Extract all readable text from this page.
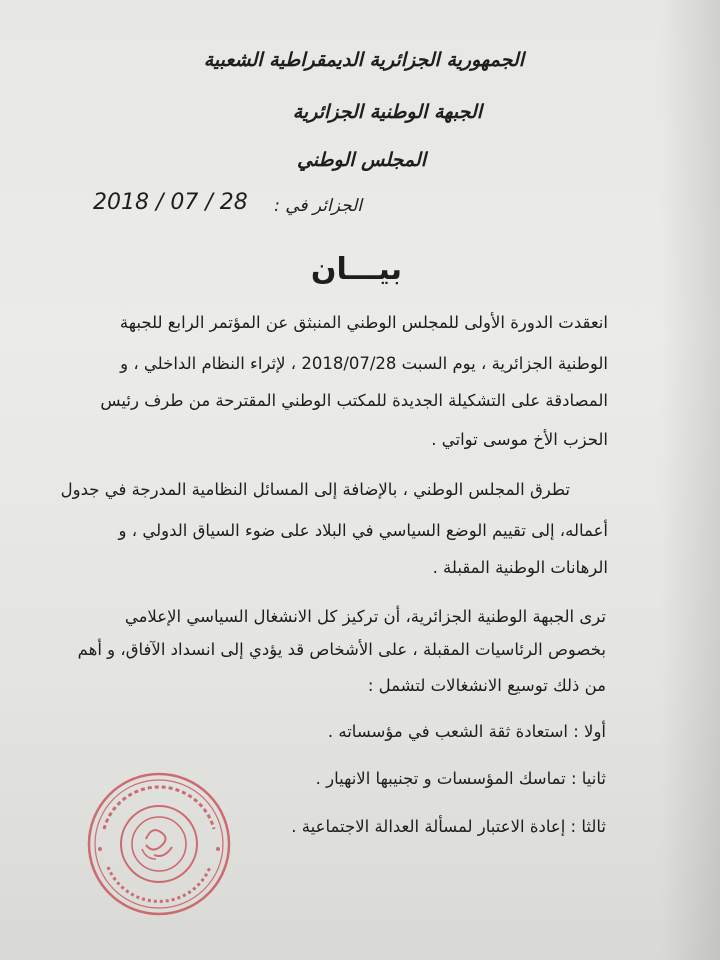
الجمهورية الجزائرية الديمقراطية الشعبية
الجبهة الوطنية الجزائرية
المجلس الوطني
الجزائر في :
2018 / 07 / 28
بيـــان
انعقدت الدورة الأولى للمجلس الوطني المنبثق عن المؤتمر الرابع للجبهة
الوطنية الجزائرية ، يوم السبت 2018/07/28 ، لإثراء النظام الداخلي ، و
المصادقة على التشكيلة الجديدة للمكتب الوطني المقترحة من طرف رئيس
الحزب الأخ موسى تواتي .
تطرق المجلس الوطني ، بالإضافة إلى المسائل النظامية المدرجة في جدول
أعماله، إلى تقييم الوضع السياسي في البلاد على ضوء السياق الدولي ، و
الرهانات الوطنية المقبلة .
ترى الجبهة الوطنية الجزائرية، أن تركيز كل الانشغال السياسي الإعلامي
بخصوص الرئاسيات المقبلة ، على الأشخاص قد يؤدي إلى انسداد الآفاق، و أهم
من ذلك توسيع الانشغالات لتشمل :
أولا : استعادة ثقة الشعب في مؤسساته .
ثانيا : تماسك المؤسسات و تجنيبها الانهيار .
ثالثا : إعادة الاعتبار لمسألة العدالة الاجتماعية .
